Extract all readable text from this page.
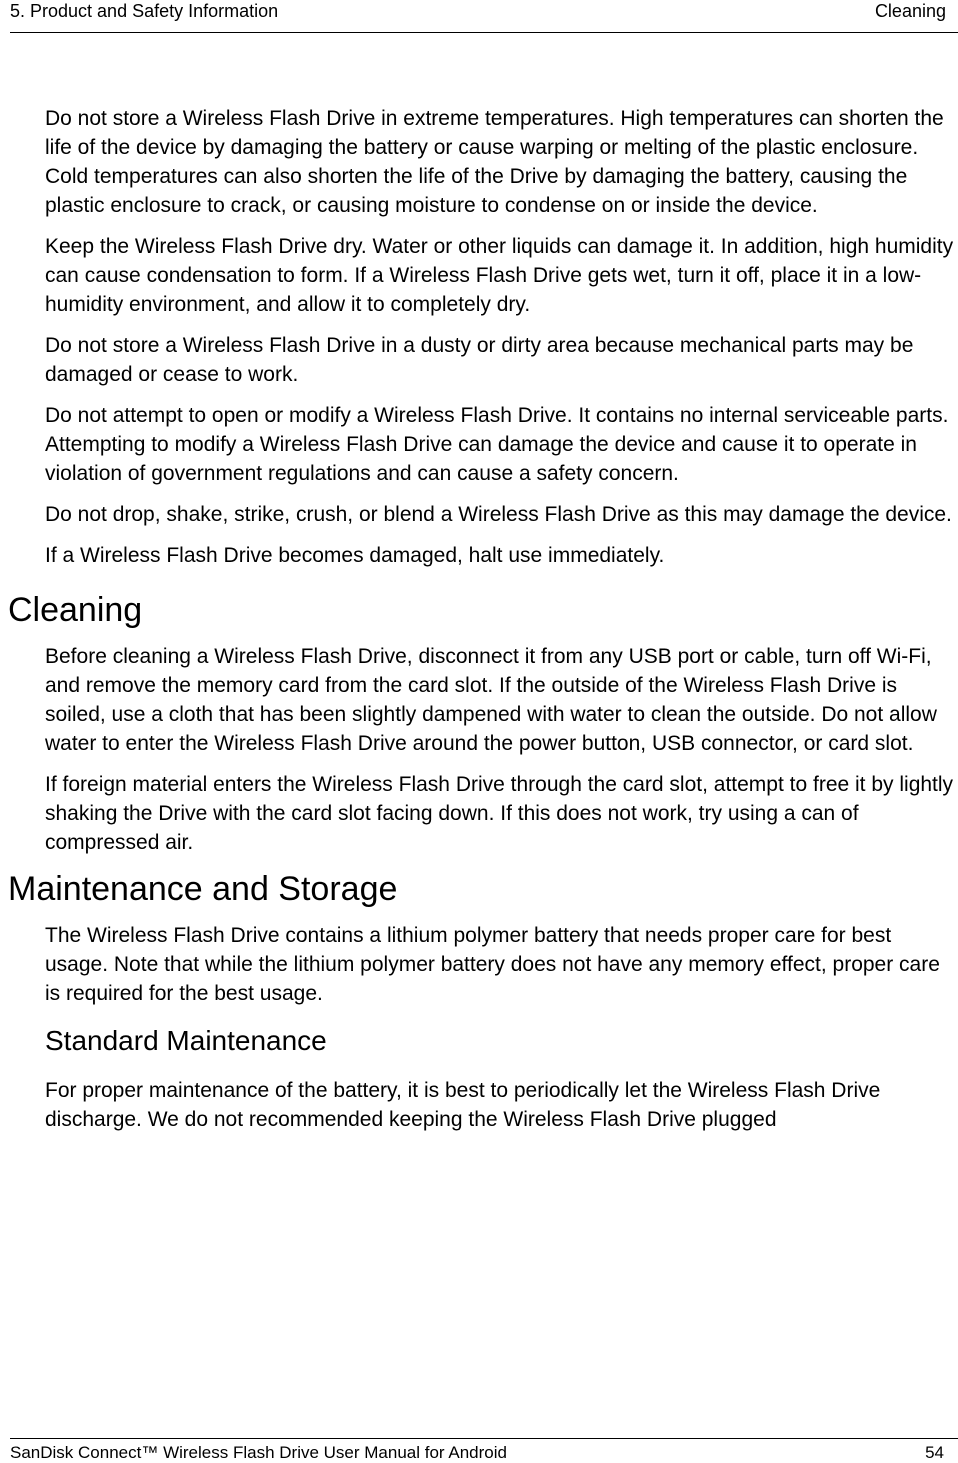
5. Product and Safety Information	Cleaning

Do not store a Wireless Flash Drive in extreme temperatures. High temperatures can shorten the life of the device by damaging the battery or cause warping or melting of the plastic enclosure. Cold temperatures can also shorten the life of the Drive by damaging the battery, causing the plastic enclosure to crack, or causing moisture to condense on or inside the device.

Keep the Wireless Flash Drive dry. Water or other liquids can damage it. In addition, high humidity can cause condensation to form. If a Wireless Flash Drive gets wet, turn it off, place it in a low-humidity environment, and allow it to completely dry.

Do not store a Wireless Flash Drive in a dusty or dirty area because mechanical parts may be damaged or cease to work.

Do not attempt to open or modify a Wireless Flash Drive. It contains no internal serviceable parts. Attempting to modify a Wireless Flash Drive can damage the device and cause it to operate in violation of government regulations and can cause a safety concern.

Do not drop, shake, strike, crush, or blend a Wireless Flash Drive as this may damage the device.

If a Wireless Flash Drive becomes damaged, halt use immediately.

Cleaning

Before cleaning a Wireless Flash Drive, disconnect it from any USB port or cable, turn off Wi-Fi, and remove the memory card from the card slot. If the outside of the Wireless Flash Drive is soiled, use a cloth that has been slightly dampened with water to clean the outside. Do not allow water to enter the Wireless Flash Drive around the power button, USB connector, or card slot.

If foreign material enters the Wireless Flash Drive through the card slot, attempt to free it by lightly shaking the Drive with the card slot facing down. If this does not work, try using a can of compressed air.

Maintenance and Storage

The Wireless Flash Drive contains a lithium polymer battery that needs proper care for best usage. Note that while the lithium polymer battery does not have any memory effect, proper care is required for the best usage.

Standard Maintenance

For proper maintenance of the battery, it is best to periodically let the Wireless Flash Drive discharge. We do not recommended keeping the Wireless Flash Drive plugged

SanDisk Connect™ Wireless Flash Drive User Manual for Android	54
